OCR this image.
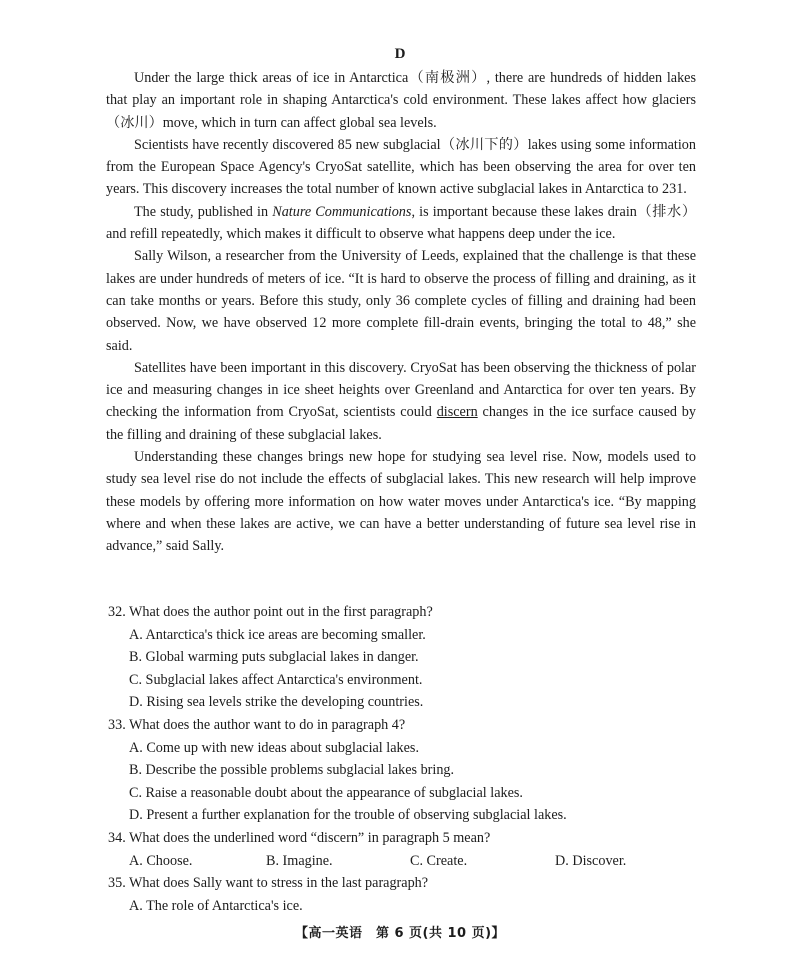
D

Under the large thick areas of ice in Antarctica（南极洲）, there are hundreds of hidden lakes that play an important role in shaping Antarctica's cold environment. These lakes affect how glaciers（冰川）move, which in turn can affect global sea levels.

Scientists have recently discovered 85 new subglacial（冰川下的）lakes using some information from the European Space Agency's CryoSat satellite, which has been observing the area for over ten years. This discovery increases the total number of known active subglacial lakes in Antarctica to 231.

The study, published in Nature Communications, is important because these lakes drain（排水）and refill repeatedly, which makes it difficult to observe what happens deep under the ice.

Sally Wilson, a researcher from the University of Leeds, explained that the challenge is that these lakes are under hundreds of meters of ice. “It is hard to observe the process of filling and draining, as it can take months or years. Before this study, only 36 complete cycles of filling and draining had been observed. Now, we have observed 12 more complete fill-drain events, bringing the total to 48,” she said.

Satellites have been important in this discovery. CryoSat has been observing the thickness of polar ice and measuring changes in ice sheet heights over Greenland and Antarctica for over ten years. By checking the information from CryoSat, scientists could discern changes in the ice surface caused by the filling and draining of these subglacial lakes.

Understanding these changes brings new hope for studying sea level rise. Now, models used to study sea level rise do not include the effects of subglacial lakes. This new research will help improve these models by offering more information on how water moves under Antarctica's ice. “By mapping where and when these lakes are active, we can have a better understanding of future sea level rise in advance,” said Sally.

32. What does the author point out in the first paragraph?
A. Antarctica's thick ice areas are becoming smaller.
B. Global warming puts subglacial lakes in danger.
C. Subglacial lakes affect Antarctica's environment.
D. Rising sea levels strike the developing countries.
33. What does the author want to do in paragraph 4?
A. Come up with new ideas about subglacial lakes.
B. Describe the possible problems subglacial lakes bring.
C. Raise a reasonable doubt about the appearance of subglacial lakes.
D. Present a further explanation for the trouble of observing subglacial lakes.
34. What does the underlined word “discern” in paragraph 5 mean?
A. Choose.	B. Imagine.	C. Create.	D. Discover.
35. What does Sally want to stress in the last paragraph?
A. The role of Antarctica's ice.
【高一英语　第 6 页(共 10 页)】
